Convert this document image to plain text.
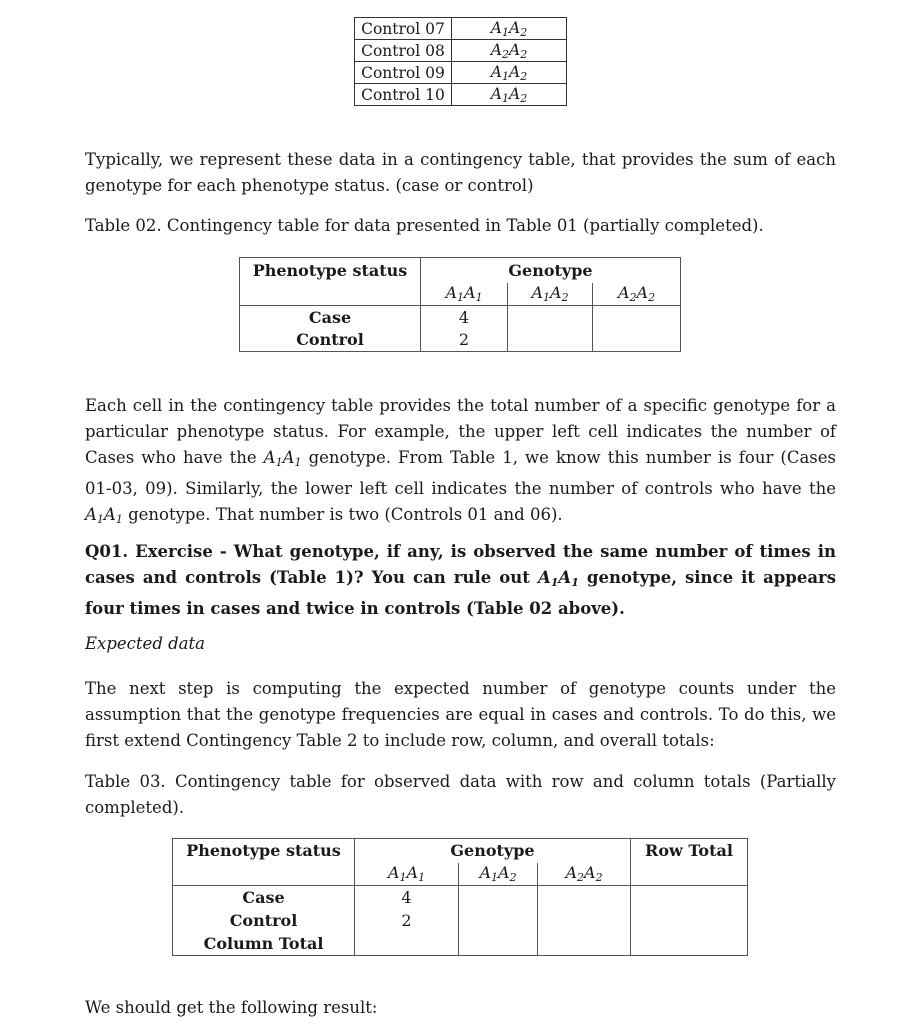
Control 07	$A_1A_2$
Control 08	$A_2A_2$
Control 09	$A_1A_2$
Control 10	$A_1A_2$

Typically, we represent these data in a contingency table, that provides the sum of each genotype for each phenotype status. (case or control)

Table 02. Contingency table for data presented in Table 01 (partially completed).
Phenotype status	Genotype		
	$A_1A_1$	$A_1A_2$	$A_2A_2$
Case	4		
Control	2		

Each cell in the contingency table provides the total number of a specific genotype for a particular phenotype status. For example, the upper left cell indicates the number of Cases who have the $A_1A_1$ genotype. From Table 1, we know this number is four (Cases 01-03, 09). Similarly, the lower left cell indicates the number of controls who have the $A_1A_1$ genotype. That number is two (Controls 01 and 06).

Q01. Exercise - What genotype, if any, is observed the same number of times in cases and controls (Table 1)? You can rule out $A_1A_1$ genotype, since it appears four times in cases and twice in controls (Table 02 above).

Expected data

The next step is computing the expected number of genotype counts under the assumption that the genotype frequencies are equal in cases and controls. To do this, we first extend Contingency Table 2 to include row, column, and overall totals:

Table 03. Contingency table for observed data with row and column totals (Partially completed).

Phenotype status	Genotype			Row Total
	$A_1A_1$	$A_1A_2$	$A_2A_2$	
Case	4			
Control	2			
Column Total				
We should get the following result:
